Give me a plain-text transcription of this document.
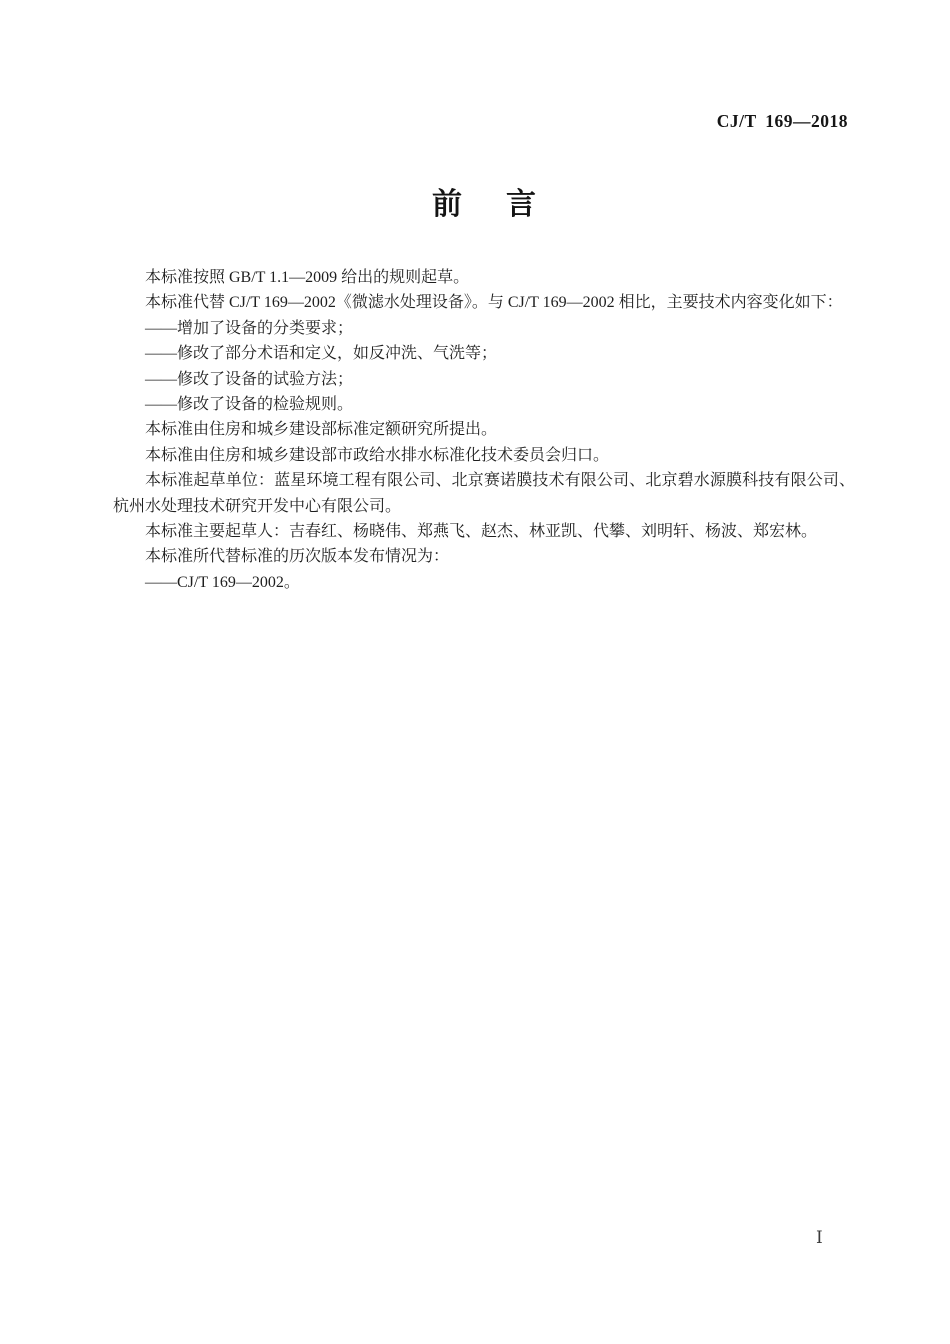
CJ/T 169—2018
前 言

本标准按照 GB/T 1.1—2009 给出的规则起草。

本标准代替 CJ/T 169—2002《微滤水处理设备》。与 CJ/T 169—2002 相比，主要技术内容变化如下：

——增加了设备的分类要求；

——修改了部分术语和定义，如反冲洗、气洗等；

——修改了设备的试验方法；

——修改了设备的检验规则。

本标准由住房和城乡建设部标准定额研究所提出。

本标准由住房和城乡建设部市政给水排水标准化技术委员会归口。

本标准起草单位：蓝星环境工程有限公司、北京赛诺膜技术有限公司、北京碧水源膜科技有限公司、杭州水处理技术研究开发中心有限公司。

本标准主要起草人：吉春红、杨晓伟、郑燕飞、赵杰、林亚凯、代攀、刘明轩、杨波、郑宏林。

本标准所代替标准的历次版本发布情况为：

——CJ/T 169—2002。

Ⅰ
